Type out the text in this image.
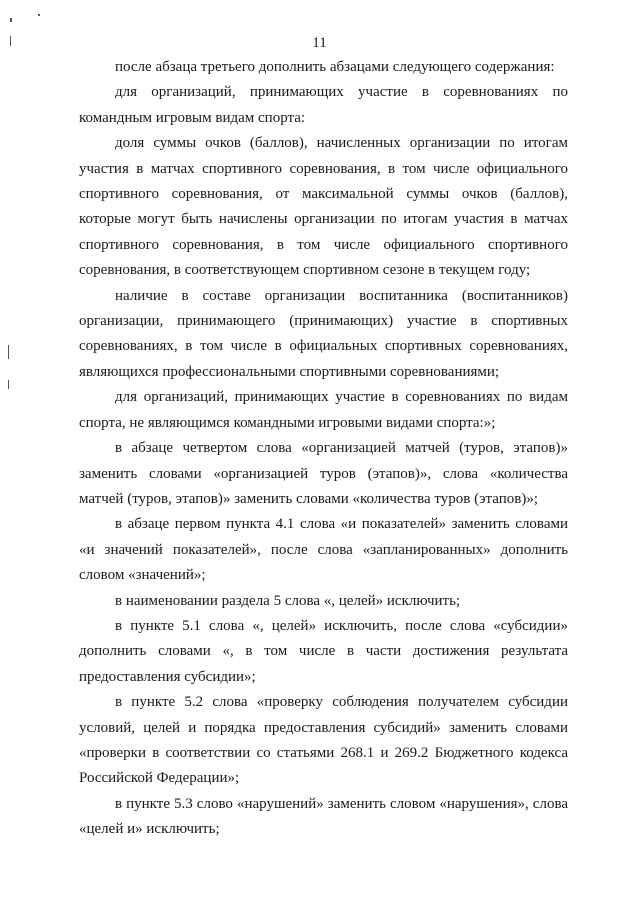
11

после абзаца третьего дополнить абзацами следующего содержания:

для организаций, принимающих участие в соревнованиях по командным игровым видам спорта:

доля суммы очков (баллов), начисленных организации по итогам участия в матчах спортивного соревнования, в том числе официального спортивного соревнования, от максимальной суммы очков (баллов), которые могут быть начислены организации по итогам участия в матчах спортивного соревнования, в том числе официального спортивного соревнования, в соответствующем спортивном сезоне в текущем году;

наличие в составе организации воспитанника (воспитанников) организации, принимающего (принимающих) участие в спортивных соревнованиях, в том числе в официальных спортивных соревнованиях, являющихся профессиональными спортивными соревнованиями;

для организаций, принимающих участие в соревнованиях по видам спорта, не являющимся командными игровыми видами спорта:»;

в абзаце четвертом слова «организацией матчей (туров, этапов)» заменить словами «организацией туров (этапов)», слова «количества матчей (туров, этапов)» заменить словами «количества туров (этапов)»;

в абзаце первом пункта 4.1 слова «и показателей» заменить словами «и значений показателей», после слова «запланированных» дополнить словом «значений»;

в наименовании раздела 5 слова «, целей» исключить;

в пункте 5.1 слова «, целей» исключить, после слова «субсидии» дополнить словами «, в том числе в части достижения результата предоставления субсидии»;

в пункте 5.2 слова «проверку соблюдения получателем субсидии условий, целей и порядка предоставления субсидий» заменить словами «проверки в соответствии со статьями 268.1 и 269.2 Бюджетного кодекса Российской Федерации»;

в пункте 5.3 слово «нарушений» заменить словом «нарушения», слова «целей и» исключить;
